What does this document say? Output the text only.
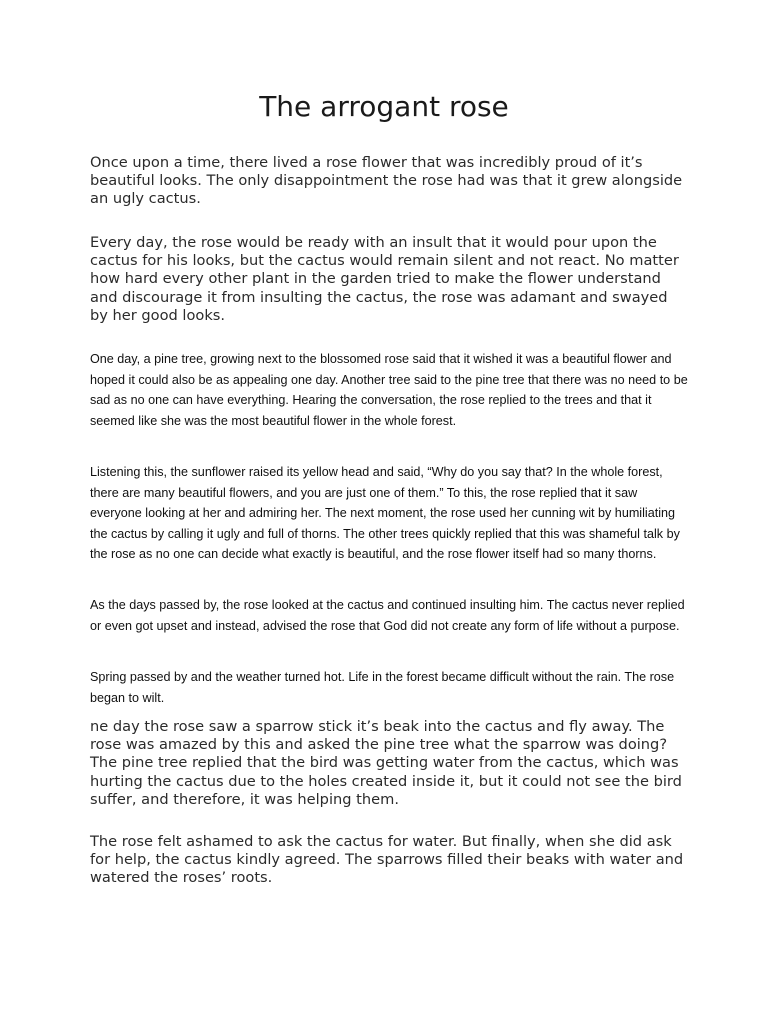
The arrogant rose

Once upon a time, there lived a rose flower that was incredibly proud of it’s beautiful looks. The only disappointment the rose had was that it grew alongside an ugly cactus.

Every day, the rose would be ready with an insult that it would pour upon the cactus for his looks, but the cactus would remain silent and not react. No matter how hard every other plant in the garden tried to make the flower understand and discourage it from insulting the cactus, the rose was adamant and swayed by her good looks.

One day, a pine tree, growing next to the blossomed rose said that it wished it was a beautiful flower and hoped it could also be as appealing one day. Another tree said to the pine tree that there was no need to be sad as no one can have everything. Hearing the conversation, the rose replied to the trees and that it seemed like she was the most beautiful flower in the whole forest.

Listening this, the sunflower raised its yellow head and said, “Why do you say that? In the whole forest, there are many beautiful flowers, and you are just one of them.” To this, the rose replied that it saw everyone looking at her and admiring her. The next moment, the rose used her cunning wit by humiliating the cactus by calling it ugly and full of thorns. The other trees quickly replied that this was shameful talk by the rose as no one can decide what exactly is beautiful, and the rose flower itself had so many thorns.

As the days passed by, the rose looked at the cactus and continued insulting him. The cactus never replied or even got upset and instead, advised the rose that God did not create any form of life without a purpose.

Spring passed by and the weather turned hot. Life in the forest became difficult without the rain. The rose began to wilt.

ne day the rose saw a sparrow stick it’s beak into the cactus and fly away. The rose was amazed by this and asked the pine tree what the sparrow was doing? The pine tree replied that the bird was getting water from the cactus, which was hurting the cactus due to the holes created inside it, but it could not see the bird suffer, and therefore, it was helping them.

The rose felt ashamed to ask the cactus for water. But finally, when she did ask for help, the cactus kindly agreed. The sparrows filled their beaks with water and watered the roses’ roots.
